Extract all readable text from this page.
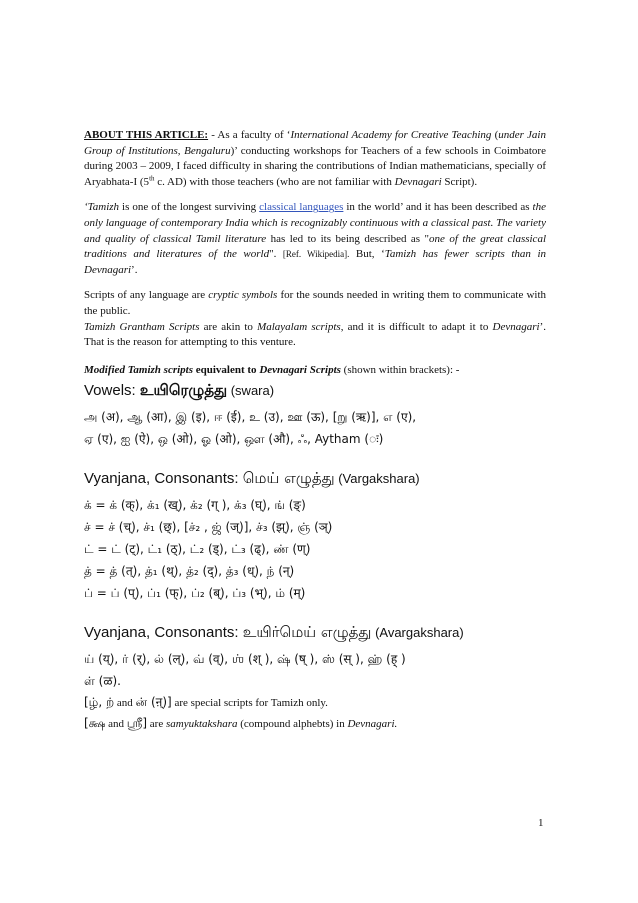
ABOUT THIS ARTICLE: - As a faculty of ‘International Academy for Creative Teaching (under Jain Group of Institutions, Bengaluru)’ conducting workshops for Teachers of a few schools in Coimbatore during 2003 – 2009, I faced difficulty in sharing the contributions of Indian mathematicians, specially of Aryabhata-I (5th c. AD) with those teachers (who are not familiar with Devnagari Script).

‘Tamizh is one of the longest surviving classical languages in the world’ and it has been described as the only language of contemporary India which is recognizably continuous with a classical past. The variety and quality of classical Tamil literature has led to its being described as "one of the great classical traditions and literatures of the world". [Ref. Wikipedia]. But, ‘Tamizh has fewer scripts than in Devnagari’.

Scripts of any language are cryptic symbols for the sounds needed in writing them to communicate with the public.
Tamizh Grantham Scripts are akin to Malayalam scripts, and it is difficult to adapt it to Devnagari’. That is the reason for attempting to this venture.

Modified Tamizh scripts equivalent to Devnagari Scripts (shown within brackets): -

Vowels: உயிரெழுத்து (swara)

அ (अ), ஆ (आ), இ (इ), ஈ (ई), உ (उ), ஊ (ऊ), [று (ऋ)], எ (ए),

ஏ (ए), ஐ (ऐ), ஒ (ओ), ஓ (ओ), ஔ (औ), ஃ, Aytham (ः)

Vyanjana, Consonants: மெய் எழுத்து (Vargakshara)

க் = க் (क्), க்₁ (ख्), க்₂ (ग् ), க்₃ (घ्), ங் (ङ्)

ச் = ச் (च्), ச்₁ (छ्), [ச்₂ , ஜ் (ज्)], ச்₃ (झ्), ஞ் (ञ्)

ட் = ட் (ट्), ட்₁ (ठ्), ட்₂ (ड्), ட்₃ (ढ्), ண் (ण्)

த் = த் (त्), த்₁ (थ्), த்₂ (द्), த்₃ (ध्), ந் (न्)

ப் = ப் (प्), ப்₁ (फ्), ப்₂ (ब्), ப்₃ (भ्), ம் (म्)

Vyanjana, Consonants: உயிர்மெய் எழுத்து (Avargakshara)

ய் (य्), ர் (र्), ல் (ल्), வ் (व्), ஶ் (श् ), ஷ் (ष् ), ஸ் (स् ), ஹ் (ह् )

ள் (ळ).

[ழ், ற் and ன் (ऩ्)] are special scripts for Tamizh only.

[க்ஷ and ஸ்ரீ] are samyuktakshara (compound alphebts) in Devnagari.

1
